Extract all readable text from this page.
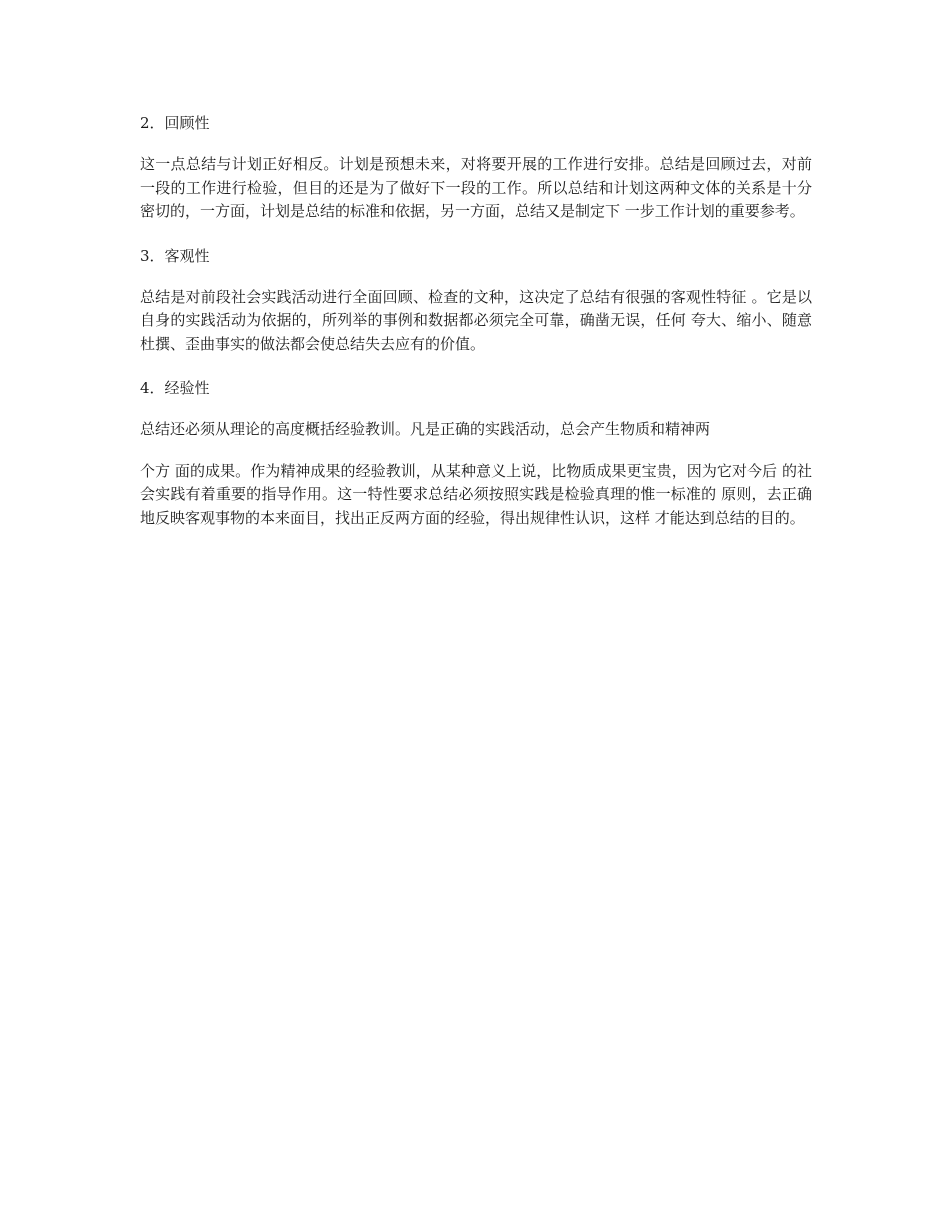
2．回顾性

这一点总结与计划正好相反。计划是预想未来，对将要开展的工作进行安排。总结是回顾过去，对前一段的工作进行检验，但目的还是为了做好下一段的工作。所以总结和计划这两种文体的关系是十分密切的，一方面，计划是总结的标准和依据，另一方面，总结又是制定下 一步工作计划的重要参考。

3．客观性

总结是对前段社会实践活动进行全面回顾、检查的文种，这决定了总结有很强的客观性特征 。它是以自身的实践活动为依据的，所列举的事例和数据都必须完全可靠，确凿无误，任何 夸大、缩小、随意杜撰、歪曲事实的做法都会使总结失去应有的价值。

4．经验性

总结还必须从理论的高度概括经验教训。凡是正确的实践活动，总会产生物质和精神两

个方 面的成果。作为精神成果的经验教训，从某种意义上说，比物质成果更宝贵，因为它对今后 的社会实践有着重要的指导作用。这一特性要求总结必须按照实践是检验真理的惟一标准的 原则，去正确地反映客观事物的本来面目，找出正反两方面的经验，得出规律性认识，这样 才能达到总结的目的。
